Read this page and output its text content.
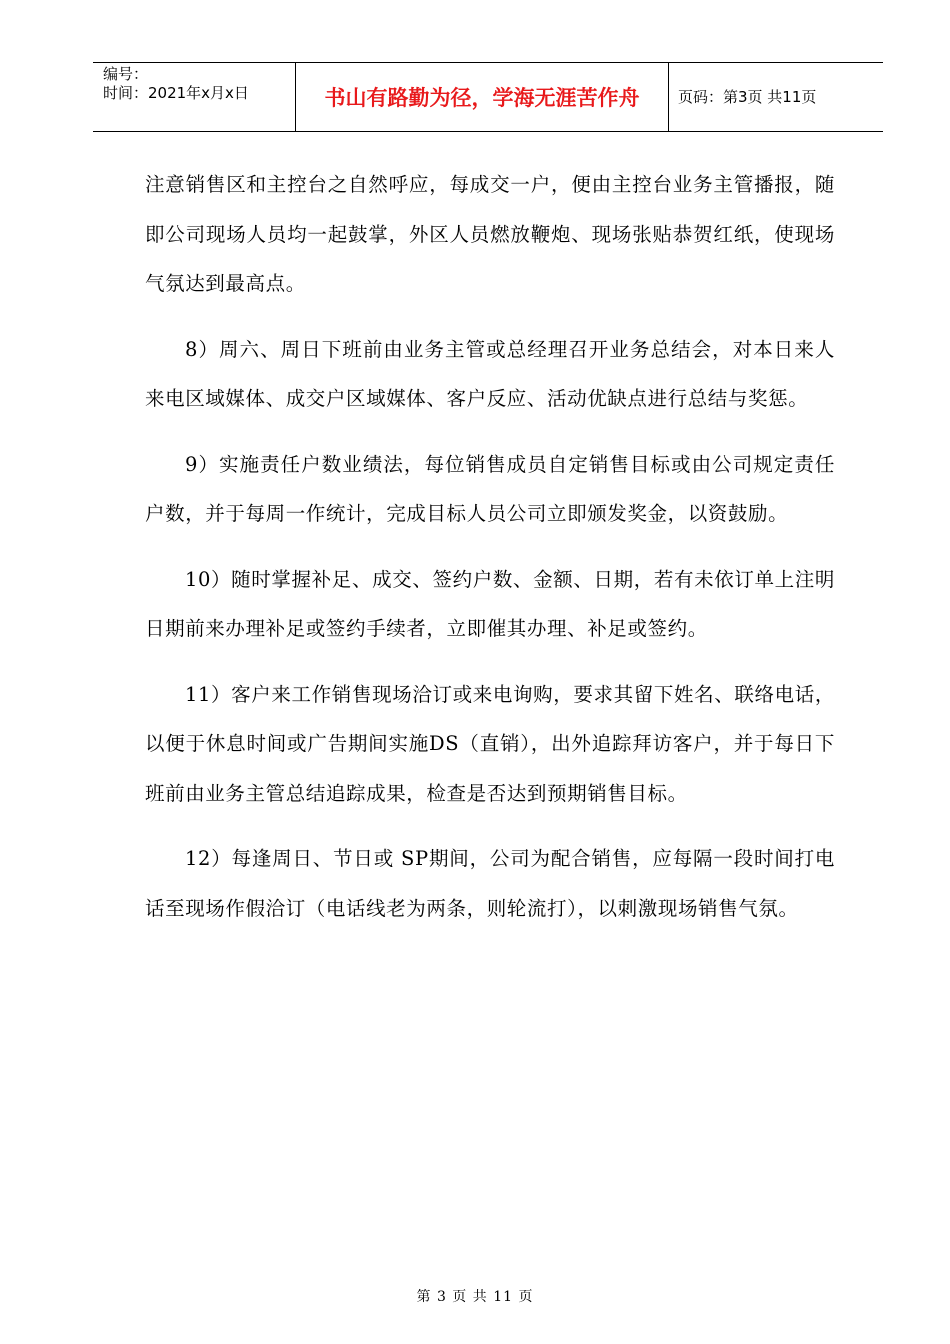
编号：
时间：2021年x月x日	书山有路勤为径，学海无涯苦作舟	页码：第3页 共11页

注意销售区和主控台之自然呼应，每成交一户，便由主控台业务主管播报，随即公司现场人员均一起鼓掌，外区人员燃放鞭炮、现场张贴恭贺红纸，使现场气氛达到最高点。

8）周六、周日下班前由业务主管或总经理召开业务总结会，对本日来人来电区域媒体、成交户区域媒体、客户反应、活动优缺点进行总结与奖惩。

9）实施责任户数业绩法，每位销售成员自定销售目标或由公司规定责任户数，并于每周一作统计，完成目标人员公司立即颁发奖金，以资鼓励。

10）随时掌握补足、成交、签约户数、金额、日期，若有未依订单上注明日期前来办理补足或签约手续者，立即催其办理、补足或签约。

11）客户来工作销售现场洽订或来电询购，要求其留下姓名、联络电话，以便于休息时间或广告期间实施DS（直销），出外追踪拜访客户，并于每日下班前由业务主管总结追踪成果，检查是否达到预期销售目标。

12）每逢周日、节日或 SP期间，公司为配合销售，应每隔一段时间打电话至现场作假洽订（电话线老为两条，则轮流打），以刺激现场销售气氛。

第 3 页 共 11 页
